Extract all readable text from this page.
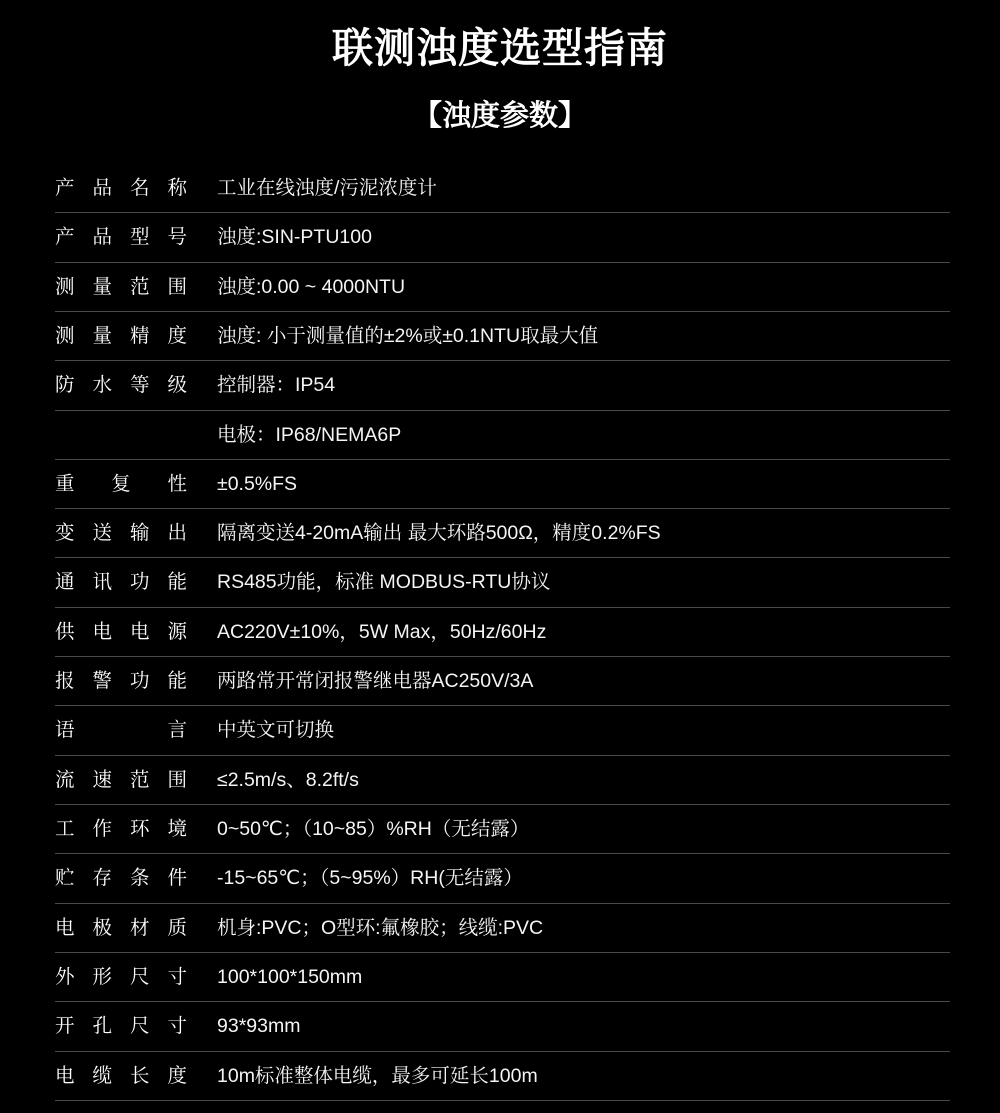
联测浊度选型指南
【浊度参数】
产品名称	工业在线浊度/污泥浓度计
产品型号	浊度:SIN-PTU100
测量范围	浊度:0.00 ~ 4000NTU
测量精度	浊度: 小于测量值的±2%或±0.1NTU取最大值
防水等级	控制器：IP54
	电极：IP68/NEMA6P
重 复 性	±0.5%FS
变送输出	隔离变送4-20mA输出 最大环路500Ω，精度0.2%FS
通讯功能	RS485功能，标准 MODBUS-RTU协议
供电电源	AC220V±10%，5W Max，50Hz/60Hz
报警功能	两路常开常闭报警继电器AC250V/3A
语 言	中英文可切换
流速范围	≤2.5m/s、8.2ft/s
工作环境	0~50℃；（10~85）%RH（无结露）
贮存条件	-15~65℃；（5~95%）RH(无结露）
电极材质	机身:PVC；O型环:氟橡胶；线缆:PVC
外形尺寸	100*100*150mm
开孔尺寸	93*93mm
电缆长度	10m标准整体电缆，最多可延长100m
